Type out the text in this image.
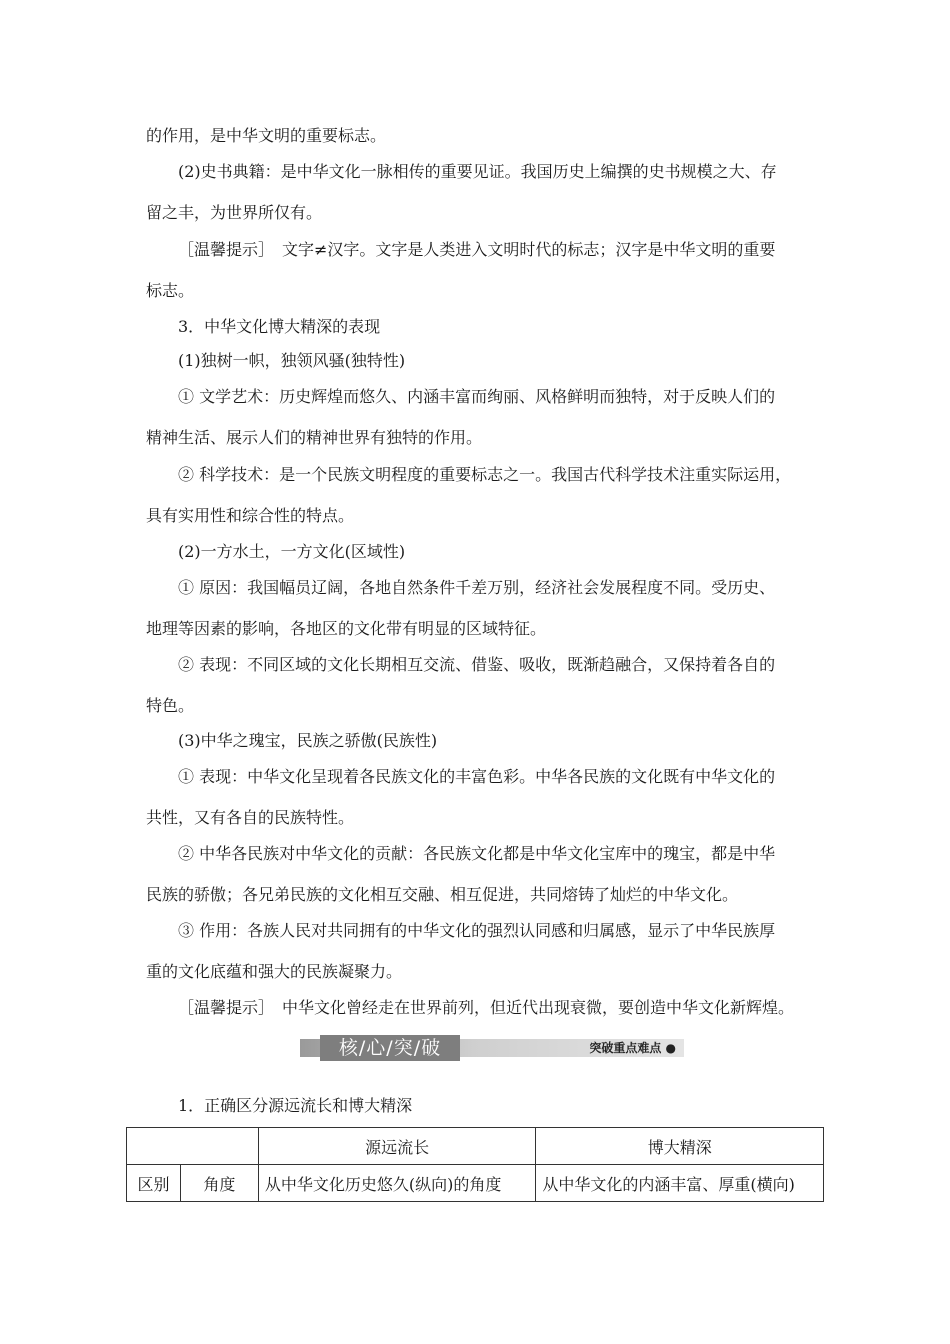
的作用，是中华文明的重要标志。
(2)史书典籍：是中华文化一脉相传的重要见证。我国历史上编撰的史书规模之大、存
留之丰，为世界所仅有。
［温馨提示］　文字≠汉字。文字是人类进入文明时代的标志；汉字是中华文明的重要
标志。
3．中华文化博大精深的表现
(1)独树一帜，独领风骚(独特性)
① 文学艺术：历史辉煌而悠久、内涵丰富而绚丽、风格鲜明而独特，对于反映人们的
精神生活、展示人们的精神世界有独特的作用。
② 科学技术：是一个民族文明程度的重要标志之一。我国古代科学技术注重实际运用，
具有实用性和综合性的特点。
(2)一方水土，一方文化(区域性)
① 原因：我国幅员辽阔，各地自然条件千差万别，经济社会发展程度不同。受历史、
地理等因素的影响，各地区的文化带有明显的区域特征。
② 表现：不同区域的文化长期相互交流、借鉴、吸收，既渐趋融合，又保持着各自的
特色。
(3)中华之瑰宝，民族之骄傲(民族性)
① 表现：中华文化呈现着各民族文化的丰富色彩。中华各民族的文化既有中华文化的
共性，又有各自的民族特性。
② 中华各民族对中华文化的贡献：各民族文化都是中华文化宝库中的瑰宝，都是中华
民族的骄傲；各兄弟民族的文化相互交融、相互促进，共同熔铸了灿烂的中华文化。
③ 作用：各族人民对共同拥有的中华文化的强烈认同感和归属感，显示了中华民族厚
重的文化底蕴和强大的民族凝聚力。
［温馨提示］　中华文化曾经走在世界前列，但近代出现衰微，要创造中华文化新辉煌。
核/心/突/破	突破重点难点 ●
1．正确区分源远流长和博大精深
		源远流长	博大精深
区别	角度	从中华文化历史悠久(纵向)的角度	从中华文化的内涵丰富、厚重(横向)
